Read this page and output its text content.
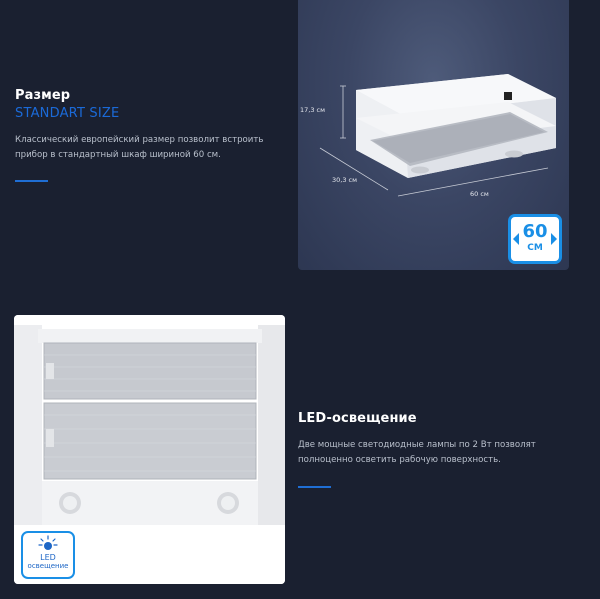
Размер
STANDART SIZE
Классический европейский размер позволит встроить прибор в стандартный шкаф шириной 60 см.
17,3 см
30,3 см
60 см
60
СМ
LED
освещение
LED-освещение
Две мощные светодиодные лампы по 2 Вт позволят полноценно осветить рабочую поверхность.
